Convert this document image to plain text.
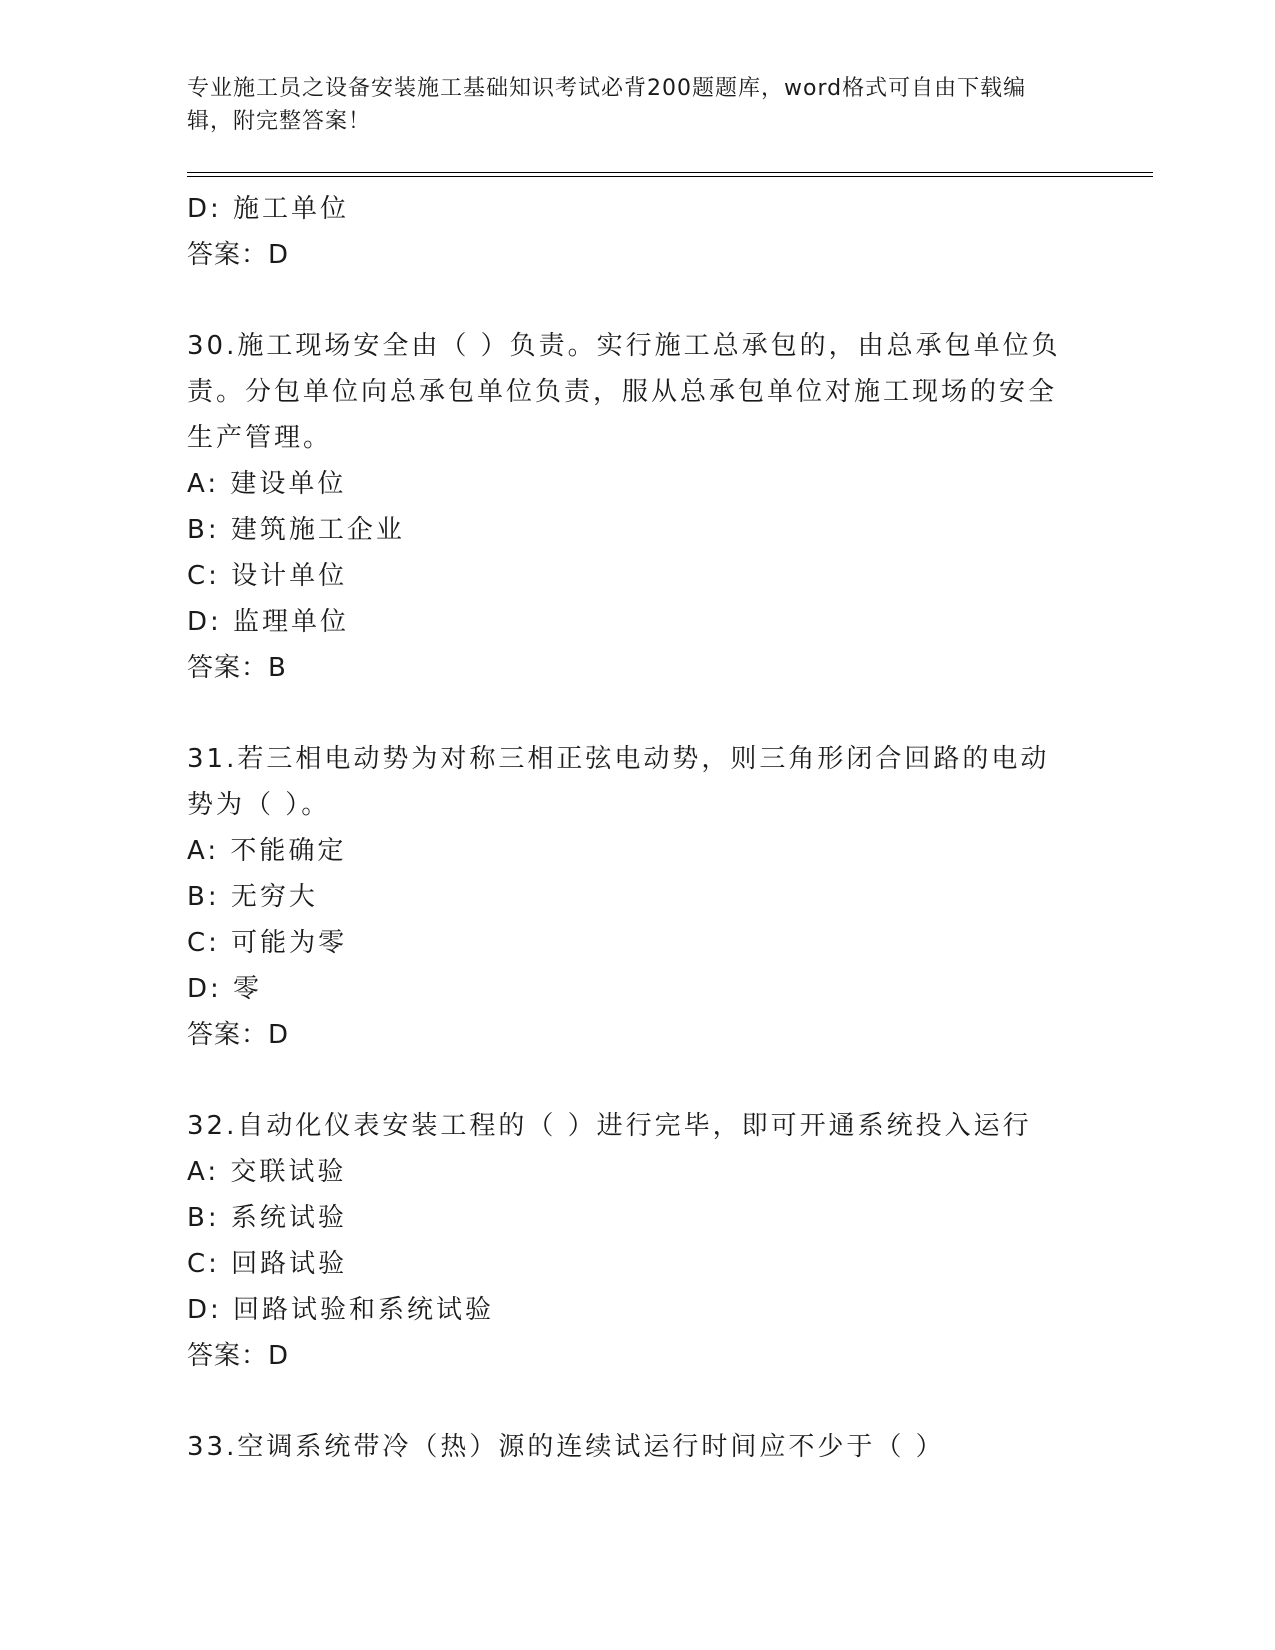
专业施工员之设备安装施工基础知识考试必背200题题库，word格式可自由下载编辑，附完整答案！
D: 施工单位
答案：D
30.施工现场安全由（ ）负责。实行施工总承包的，由总承包单位负责。分包单位向总承包单位负责，服从总承包单位对施工现场的安全生产管理。
A: 建设单位
B: 建筑施工企业
C: 设计单位
D: 监理单位
答案：B
31.若三相电动势为对称三相正弦电动势，则三角形闭合回路的电动势为（ ）。
A: 不能确定
B: 无穷大
C: 可能为零
D: 零
答案：D
32.自动化仪表安装工程的（ ）进行完毕，即可开通系统投入运行
A: 交联试验
B: 系统试验
C: 回路试验
D: 回路试验和系统试验
答案：D
33.空调系统带冷（热）源的连续试运行时间应不少于（ ）
